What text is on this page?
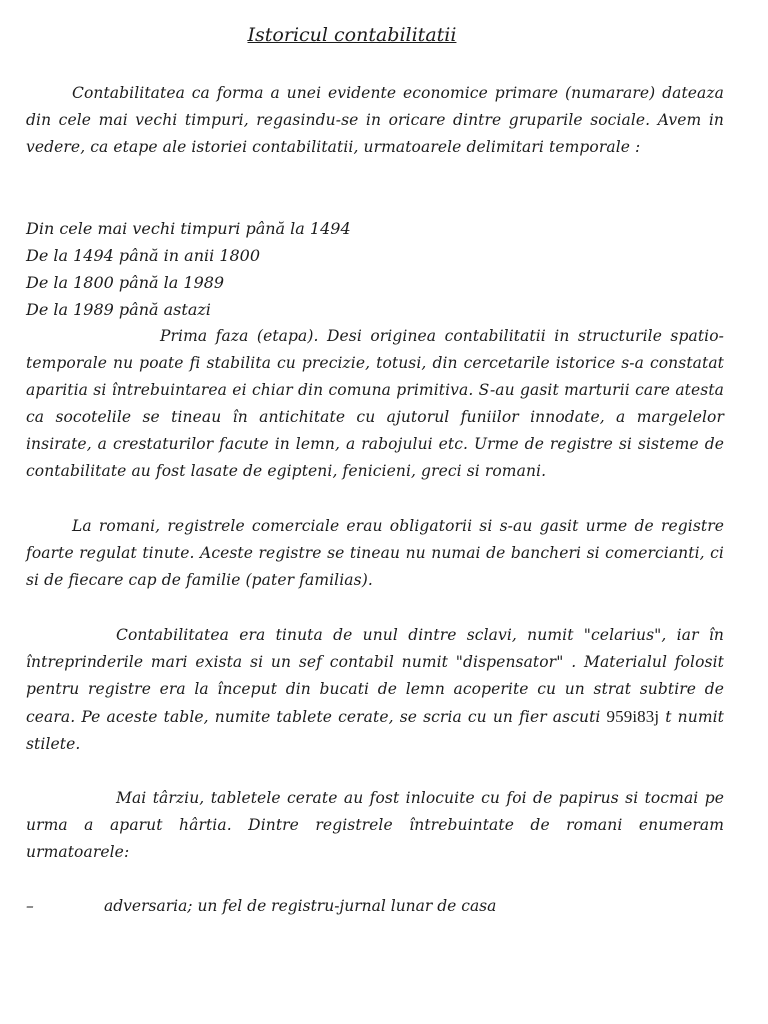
Istoricul contabilitatii
Contabilitatea ca forma a unei evidente economice primare (numarare) dateaza din cele mai vechi timpuri, regasindu-se in oricare dintre gruparile sociale. Avem in vedere, ca etape ale istoriei contabilitatii, urmatoarele delimitari temporale :
Din cele mai vechi timpuri până la 1494
De la 1494 până in anii 1800
De la 1800 până la 1989
De la 1989 până astazi
Prima faza (etapa). Desi originea contabilitatii in structurile spatio-temporale nu poate fi stabilita cu precizie, totusi, din cercetarile istorice s-a constatat aparitia si întrebuintarea ei chiar din comuna primitiva. S-au gasit marturii care atesta ca socotelile se tineau în antichitate cu ajutorul funiilor innodate, a margelelor insirate, a crestaturilor facute in lemn, a rabojului etc. Urme de registre si sisteme de contabilitate au fost lasate de egipteni, fenicieni, greci si romani.
La romani, registrele comerciale erau obligatorii si s-au gasit urme de registre foarte regulat tinute. Aceste registre se tineau nu numai de bancheri si comercianti, ci si de fiecare cap de familie (pater familias).
Contabilitatea era tinuta de unul dintre sclavi, numit "celarius", iar în întreprinderile mari exista si un sef contabil numit "dispensator" . Materialul folosit pentru registre era la început din bucati de lemn acoperite cu un strat subtire de ceara. Pe aceste table, numite tablete cerate, se scria cu un fier ascuti 959i83j t numit stilete.
Mai târziu, tabletele cerate au fost inlocuite cu foi de papirus si tocmai pe urma a aparut hârtia. Dintre registrele întrebuintate de romani enumeram urmatoarele:
–	adversaria; un fel de registru-jurnal lunar de casa
